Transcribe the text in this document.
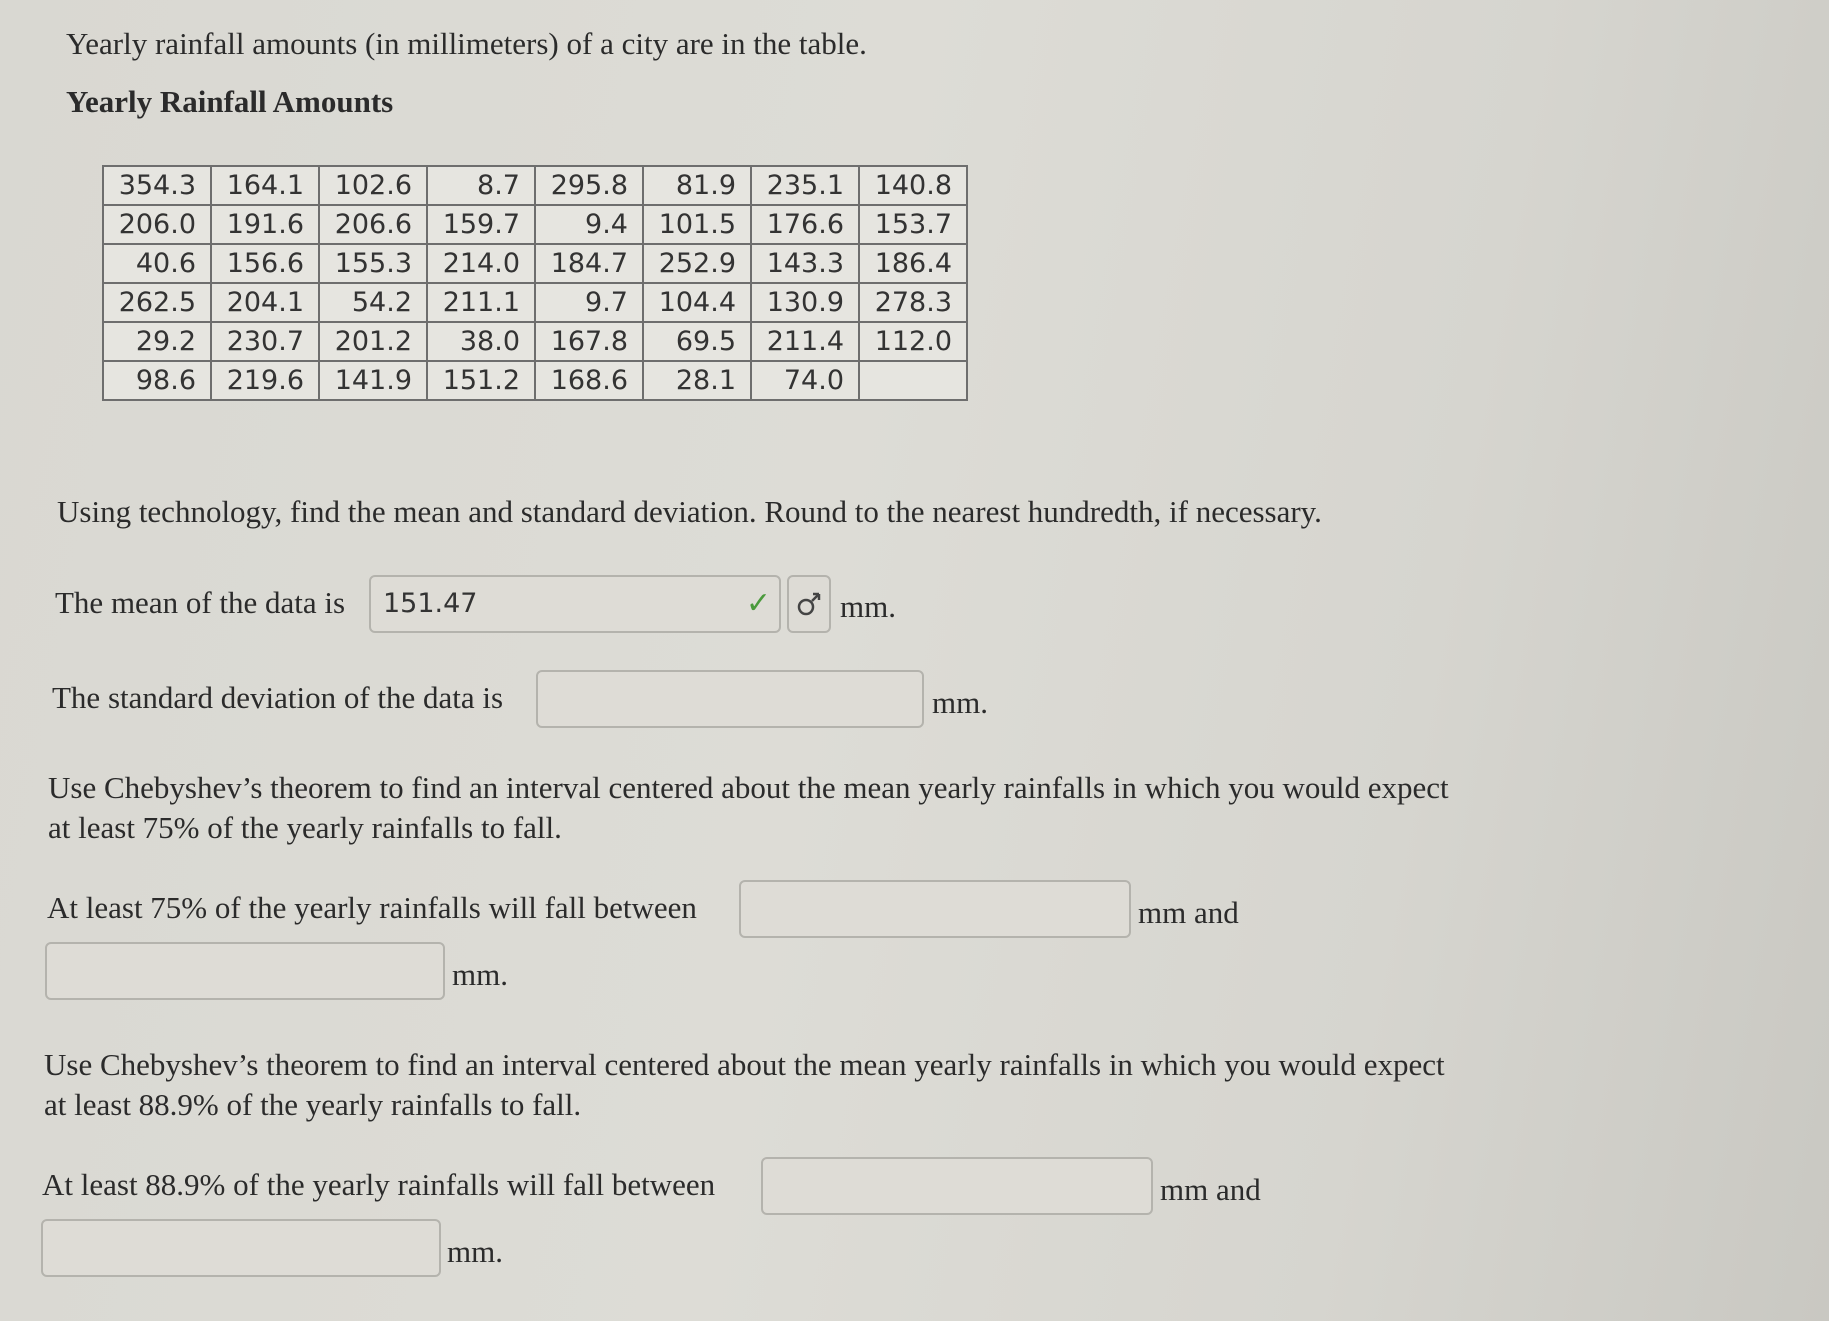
Yearly rainfall amounts (in millimeters) of a city are in the table.
Yearly Rainfall Amounts
354.3	164.1	102.6	8.7	295.8	81.9	235.1	140.8
206.0	191.6	206.6	159.7	9.4	101.5	176.6	153.7
40.6	156.6	155.3	214.0	184.7	252.9	143.3	186.4
262.5	204.1	54.2	211.1	9.7	104.4	130.9	278.3
29.2	230.7	201.2	38.0	167.8	69.5	211.4	112.0
98.6	219.6	141.9	151.2	168.6	28.1	74.0	
Using technology, find the mean and standard deviation. Round to the nearest hundredth, if necessary.
The mean of the data is	151.47	✓ mm.
The standard deviation of the data is	mm.
Use Chebyshev’s theorem to find an interval centered about the mean yearly rainfalls in which you would expect at least 75% of the yearly rainfalls to fall.
At least 75% of the yearly rainfalls will fall between	mm and
mm.
Use Chebyshev’s theorem to find an interval centered about the mean yearly rainfalls in which you would expect at least 88.9% of the yearly rainfalls to fall.
At least 88.9% of the yearly rainfalls will fall between	mm and
mm.
